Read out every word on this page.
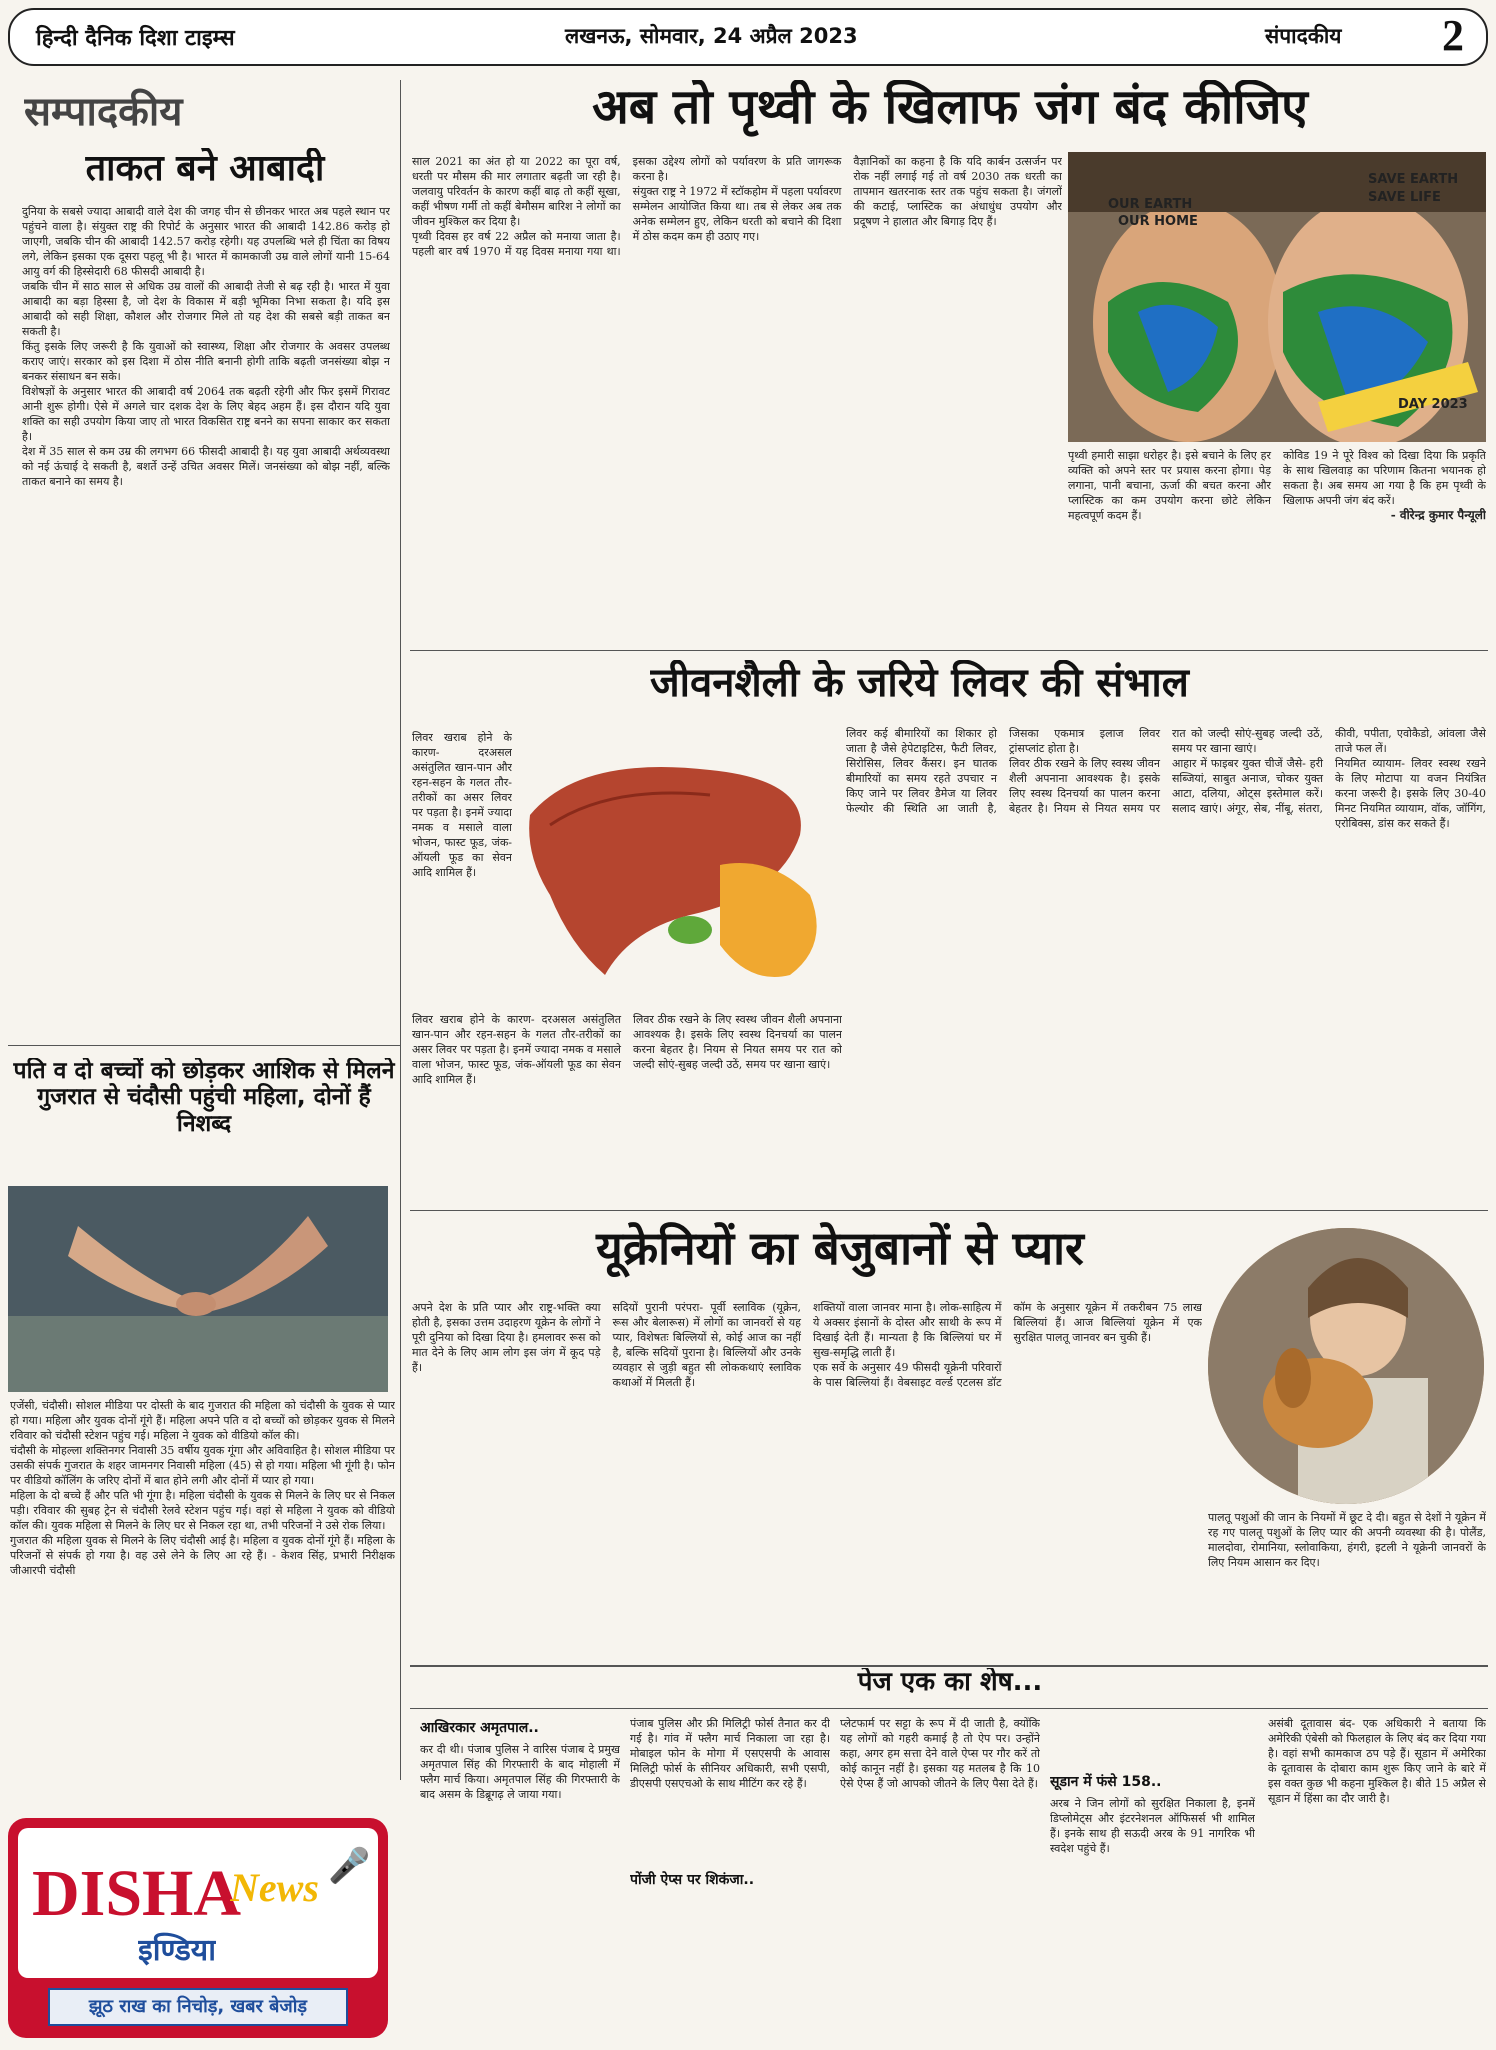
हिन्दी दैनिक दिशा टाइम्स	लखनऊ, सोमवार, 24 अप्रैल 2023	संपादकीय 2
सम्पादकीय
ताकत बने आबादी

दुनिया के सबसे ज्यादा आबादी वाले देश की जगह चीन से छीनकर भारत अब पहले स्थान पर पहुंचने वाला है। संयुक्त राष्ट्र की रिपोर्ट के अनुसार भारत की आबादी 142.86 करोड़ हो जाएगी, जबकि चीन की आबादी 142.57 करोड़ रहेगी। यह उपलब्धि भले ही चिंता का विषय लगे, लेकिन इसका एक दूसरा पहलू भी है। भारत में कामकाजी उम्र वाले लोगों यानी 15-64 आयु वर्ग की हिस्सेदारी 68 फीसदी आबादी है।

जबकि चीन में साठ साल से अधिक उम्र वालों की आबादी तेजी से बढ़ रही है। भारत में युवा आबादी का बड़ा हिस्सा है, जो देश के विकास में बड़ी भूमिका निभा सकता है। यदि इस आबादी को सही शिक्षा, कौशल और रोजगार मिले तो यह देश की सबसे बड़ी ताकत बन सकती है।

किंतु इसके लिए जरूरी है कि युवाओं को स्वास्थ्य, शिक्षा और रोजगार के अवसर उपलब्ध कराए जाएं। सरकार को इस दिशा में ठोस नीति बनानी होगी ताकि बढ़ती जनसंख्या बोझ न बनकर संसाधन बन सके।

विशेषज्ञों के अनुसार भारत की आबादी वर्ष 2064 तक बढ़ती रहेगी और फिर इसमें गिरावट आनी शुरू होगी। ऐसे में अगले चार दशक देश के लिए बेहद अहम हैं। इस दौरान यदि युवा शक्ति का सही उपयोग किया जाए तो भारत विकसित राष्ट्र बनने का सपना साकार कर सकता है।

देश में 35 साल से कम उम्र की लगभग 66 फीसदी आबादी है। यह युवा आबादी अर्थव्यवस्था को नई ऊंचाई दे सकती है, बशर्ते उन्हें उचित अवसर मिलें। जनसंख्या को बोझ नहीं, बल्कि ताकत बनाने का समय है।

अब तो पृथ्वी के खिलाफ जंग बंद कीजिए

साल 2021 का अंत हो या 2022 का पूरा वर्ष, धरती पर मौसम की मार लगातार बढ़ती जा रही है। जलवायु परिवर्तन के कारण कहीं बाढ़ तो कहीं सूखा, कहीं भीषण गर्मी तो कहीं बेमौसम बारिश ने लोगों का जीवन मुश्किल कर दिया है।

पृथ्वी दिवस हर वर्ष 22 अप्रैल को मनाया जाता है। पहली बार वर्ष 1970 में यह दिवस मनाया गया था। इसका उद्देश्य लोगों को पर्यावरण के प्रति जागरूक करना है।

संयुक्त राष्ट्र ने 1972 में स्टॉकहोम में पहला पर्यावरण सम्मेलन आयोजित किया था। तब से लेकर अब तक अनेक सम्मेलन हुए, लेकिन धरती को बचाने की दिशा में ठोस कदम कम ही उठाए गए।

वैज्ञानिकों का कहना है कि यदि कार्बन उत्सर्जन पर रोक नहीं लगाई गई तो वर्ष 2030 तक धरती का तापमान खतरनाक स्तर तक पहुंच सकता है। जंगलों की कटाई, प्लास्टिक का अंधाधुंध उपयोग और प्रदूषण ने हालात और बिगाड़ दिए हैं।

OUR EARTH
OUR HOME
SAVE EARTH
SAVE LIFE
DAY 2023

पृथ्वी हमारी साझा धरोहर है। इसे बचाने के लिए हर व्यक्ति को अपने स्तर पर प्रयास करना होगा। पेड़ लगाना, पानी बचाना, ऊर्जा की बचत करना और प्लास्टिक का कम उपयोग करना छोटे लेकिन महत्वपूर्ण कदम हैं।

कोविड 19 ने पूरे विश्व को दिखा दिया कि प्रकृति के साथ खिलवाड़ का परिणाम कितना भयानक हो सकता है। अब समय आ गया है कि हम पृथ्वी के खिलाफ अपनी जंग बंद करें।

- वीरेन्द्र कुमार पैन्यूली
जीवनशैली के जरिये लिवर की संभाल

लिवर खराब होने के कारण- दरअसल असंतुलित खान-पान और रहन-सहन के गलत तौर-तरीकों का असर लिवर पर पड़ता है। इनमें ज्यादा नमक व मसाले वाला भोजन, फास्ट फूड, जंक-ऑयली फूड का सेवन आदि शामिल हैं।

लिवर कई बीमारियों का शिकार हो जाता है जैसे हेपेटाइटिस, फैटी लिवर, सिरोसिस, लिवर कैंसर। इन घातक बीमारियों का समय रहते उपचार न किए जाने पर लिवर डैमेज या लिवर फेल्योर की स्थिति आ जाती है, जिसका एकमात्र इलाज लिवर ट्रांसप्लांट होता है।

लिवर ठीक रखने के लिए स्वस्थ जीवन शैली अपनाना आवश्यक है। इसके लिए स्वस्थ दिनचर्या का पालन करना बेहतर है। नियम से नियत समय पर रात को जल्दी सोएं-सुबह जल्दी उठें, समय पर खाना खाएं।

आहार में फाइबर युक्त चीजें जैसे- हरी सब्जियां, साबुत अनाज, चोकर युक्त आटा, दलिया, ओट्स इस्तेमाल करें। सलाद खाएं। अंगूर, सेब, नींबू, संतरा, कीवी, पपीता, एवोकैडो, आंवला जैसे ताजे फल लें।

नियमित व्यायाम- लिवर स्वस्थ रखने के लिए मोटापा या वजन नियंत्रित करना जरूरी है। इसके लिए 30-40 मिनट नियमित व्यायाम, वॉक, जॉगिंग, एरोबिक्स, डांस कर सकते हैं।

लिवर खराब होने के कारण- दरअसल असंतुलित खान-पान और रहन-सहन के गलत तौर-तरीकों का असर लिवर पर पड़ता है। इनमें ज्यादा नमक व मसाले वाला भोजन, फास्ट फूड, जंक-ऑयली फूड का सेवन आदि शामिल हैं।

लिवर ठीक रखने के लिए स्वस्थ जीवन शैली अपनाना आवश्यक है। इसके लिए स्वस्थ दिनचर्या का पालन करना बेहतर है। नियम से नियत समय पर रात को जल्दी सोएं-सुबह जल्दी उठें, समय पर खाना खाएं।

पति व दो बच्चों को छोड़कर आशिक से मिलने गुजरात से चंदौसी पहुंची महिला, दोनों हैं निशब्द

एजेंसी, चंदौसी। सोशल मीडिया पर दोस्ती के बाद गुजरात की महिला को चंदौसी के युवक से प्यार हो गया। महिला और युवक दोनों गूंगे हैं। महिला अपने पति व दो बच्चों को छोड़कर युवक से मिलने रविवार को चंदौसी स्टेशन पहुंच गई। महिला ने युवक को वीडियो कॉल की।

चंदौसी के मोहल्ला शक्तिनगर निवासी 35 वर्षीय युवक गूंगा और अविवाहित है। सोशल मीडिया पर उसकी संपर्क गुजरात के शहर जामनगर निवासी महिला (45) से हो गया। महिला भी गूंगी है। फोन पर वीडियो कॉलिंग के जरिए दोनों में बात होने लगी और दोनों में प्यार हो गया।

महिला के दो बच्चे हैं और पति भी गूंगा है। महिला चंदौसी के युवक से मिलने के लिए घर से निकल पड़ी। रविवार की सुबह ट्रेन से चंदौसी रेलवे स्टेशन पहुंच गई। वहां से महिला ने युवक को वीडियो कॉल की। युवक महिला से मिलने के लिए घर से निकल रहा था, तभी परिजनों ने उसे रोक लिया।

गुजरात की महिला युवक से मिलने के लिए चंदौसी आई है। महिला व युवक दोनों गूंगे हैं। महिला के परिजनों से संपर्क हो गया है। वह उसे लेने के लिए आ रहे हैं। - केशव सिंह, प्रभारी निरीक्षक जीआरपी चंदौसी

यूक्रेनियों का बेजुबानों से प्यार

अपने देश के प्रति प्यार और राष्ट्र-भक्ति क्या होती है, इसका उत्तम उदाहरण यूक्रेन के लोगों ने पूरी दुनिया को दिखा दिया है। हमलावर रूस को मात देने के लिए आम लोग इस जंग में कूद पड़े हैं।

सदियों पुरानी परंपरा- पूर्वी स्लाविक (यूक्रेन, रूस और बेलारूस) में लोगों का जानवरों से यह प्यार, विशेषतः बिल्लियों से, कोई आज का नहीं है, बल्कि सदियों पुराना है। बिल्लियों और उनके व्यवहार से जुड़ी बहुत सी लोककथाएं स्लाविक कथाओं में मिलती हैं।

शक्तियों वाला जानवर माना है। लोक-साहित्य में ये अक्सर इंसानों के दोस्त और साथी के रूप में दिखाई देती हैं। मान्यता है कि बिल्लियां घर में सुख-समृद्धि लाती हैं।

एक सर्वे के अनुसार 49 फीसदी यूक्रेनी परिवारों के पास बिल्लियां हैं। वेबसाइट वर्ल्ड एटलस डॉट कॉम के अनुसार यूक्रेन में तकरीबन 75 लाख बिल्लियां हैं। आज बिल्लियां यूक्रेन में एक सुरक्षित पालतू जानवर बन चुकी हैं।

पालतू पशुओं की जान के नियमों में छूट दे दी। बहुत से देशों ने यूक्रेन में रह गए पालतू पशुओं के लिए प्यार की अपनी व्यवस्था की है। पोलैंड, मालदोवा, रोमानिया, स्लोवाकिया, हंगरी, इटली ने यूक्रेनी जानवरों के लिए नियम आसान कर दिए।

पेज एक का शेष...
आखिरकार अमृतपाल..
कर दी थी। पंजाब पुलिस ने वारिस पंजाब दे प्रमुख अमृतपाल सिंह की गिरफ्तारी के बाद मोहाली में फ्लैग मार्च किया। अमृतपाल सिंह की गिरफ्तारी के बाद असम के डिब्रूगढ़ ले जाया गया।
पंजाब पुलिस और फ्री मिलिट्री फोर्स तैनात कर दी गई है। गांव में फ्लैग मार्च निकाला जा रहा है। मोबाइल फोन के मोगा में एसएसपी के आवास मिलिट्री फोर्स के सीनियर अधिकारी, सभी एसपी, डीएसपी एसएचओ के साथ मीटिंग कर रहे हैं।
पोंजी ऐप्स पर शिकंजा..
प्लेटफार्म पर सट्टा के रूप में दी जाती है, क्योंकि यह लोगों को गहरी कमाई है तो ऐप पर। उन्होंने कहा, अगर हम सत्ता देने वाले ऐप्स पर गौर करें तो कोई कानून नहीं है। इसका यह मतलब है कि 10 ऐसे ऐप्स हैं जो आपको जीतने के लिए पैसा देते हैं। सूडान में फंसे 158..
अरब ने जिन लोगों को सुरक्षित निकाला है, इनमें डिप्लोमेट्स और इंटरनेशनल ऑफिसर्स भी शामिल हैं। इनके साथ ही सऊदी अरब के 91 नागरिक भी स्वदेश पहुंचे हैं।
असंबी दूतावास बंद- एक अधिकारी ने बताया कि अमेरिकी एंबेसी को फिलहाल के लिए बंद कर दिया गया है। वहां सभी कामकाज ठप पड़े हैं। सूडान में अमेरिका के दूतावास के दोबारा काम शुरू किए जाने के बारे में इस वक्त कुछ भी कहना मुश्किल है। बीते 15 अप्रैल से सूडान में हिंसा का दौर जारी है।
DISHA
News 🎤
इण्डिया
झूठ राख का निचोड़, खबर बेजोड़
